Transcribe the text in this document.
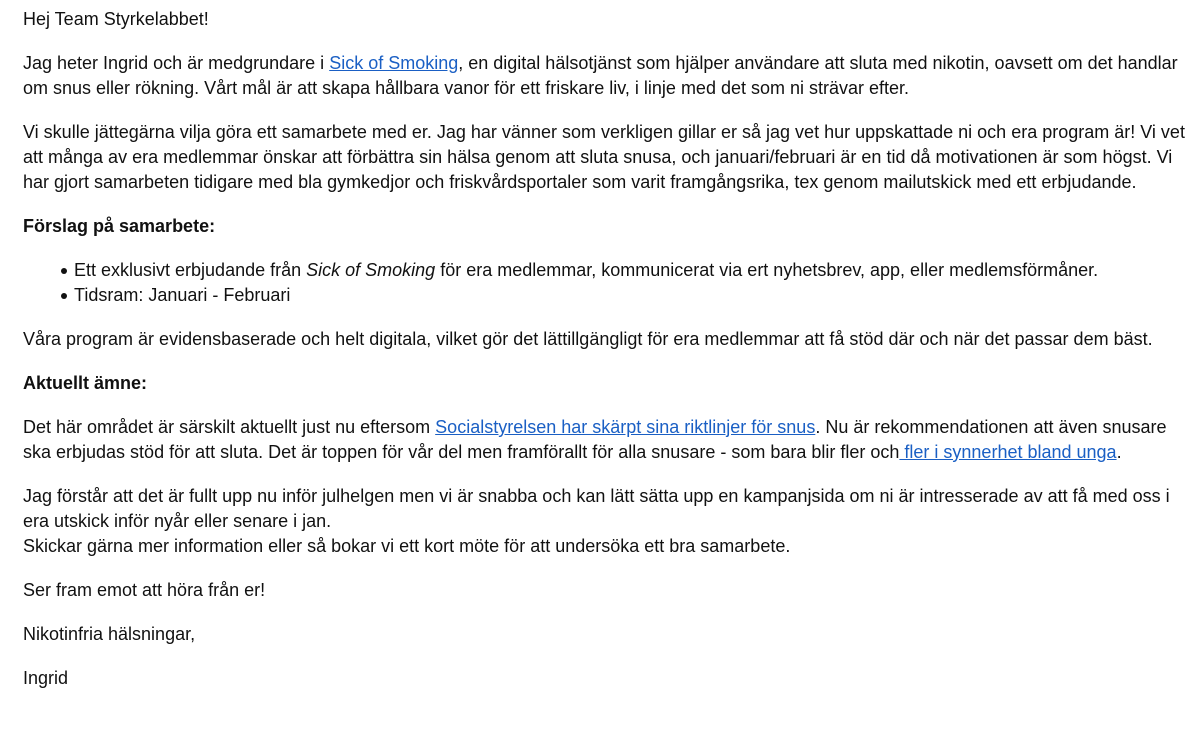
Hej Team Styrkelabbet!

Jag heter Ingrid och är medgrundare i Sick of Smoking, en digital hälsotjänst som hjälper användare att sluta med nikotin, oavsett om det handlar om snus eller rökning. Vårt mål är att skapa hållbara vanor för ett friskare liv, i linje med det som ni strävar efter.

Vi skulle jättegärna vilja göra ett samarbete med er. Jag har vänner som verkligen gillar er så jag vet hur uppskattade ni och era program är! Vi vet att många av era medlemmar önskar att förbättra sin hälsa genom att sluta snusa, och januari/februari är en tid då motivationen är som högst. Vi har gjort samarbeten tidigare med bla gymkedjor och friskvårdsportaler som varit framgångsrika, tex genom mailutskick med ett erbjudande.

Förslag på samarbete:

Ett exklusivt erbjudande från Sick of Smoking för era medlemmar, kommunicerat via ert nyhetsbrev, app, eller medlemsförmåner.
Tidsram: Januari - Februari

Våra program är evidensbaserade och helt digitala, vilket gör det lättillgängligt för era medlemmar att få stöd där och när det passar dem bäst.

Aktuellt ämne:

Det här området är särskilt aktuellt just nu eftersom Socialstyrelsen har skärpt sina riktlinjer för snus. Nu är rekommendationen att även snusare ska erbjudas stöd för att sluta. Det är toppen för vår del men framförallt för alla snusare - som bara blir fler och fler i synnerhet bland unga.

Jag förstår att det är fullt upp nu inför julhelgen men vi är snabba och kan lätt sätta upp en kampanjsida om ni är intresserade av att få med oss i era utskick inför nyår eller senare i jan.
Skickar gärna mer information eller så bokar vi ett kort möte för att undersöka ett bra samarbete.

Ser fram emot att höra från er!

Nikotinfria hälsningar,

Ingrid
